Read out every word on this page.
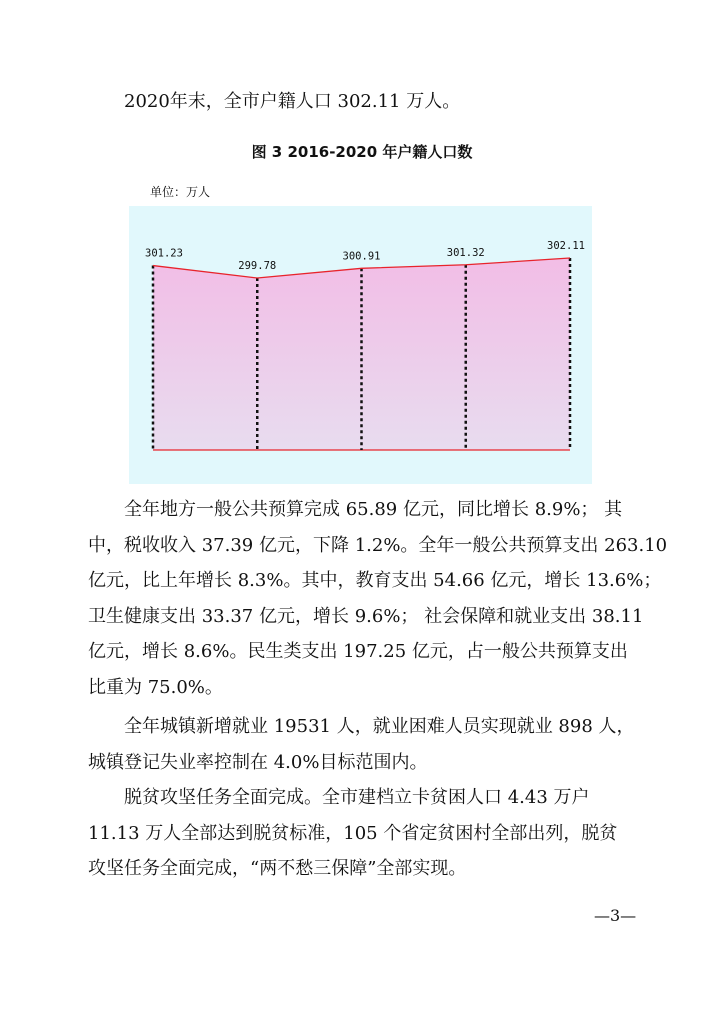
2020年末，全市户籍人口 302.11 万人。

图 3 2016-2020 年户籍人口数
单位：万人
301.23
299.78
300.91	301.32
302.11

全年地方一般公共预算完成 65.89 亿元，同比增长 8.9%； 其

中，税收收入 37.39 亿元，下降 1.2%。全年一般公共预算支出 263.10

亿元，比上年增长 8.3%。其中，教育支出 54.66 亿元，增长 13.6%；

卫生健康支出 33.37 亿元，增长 9.6%； 社会保障和就业支出 38.11

亿元，增长 8.6%。民生类支出 197.25 亿元，占一般公共预算支出

比重为 75.0%。

全年城镇新增就业 19531 人，就业困难人员实现就业 898 人，

城镇登记失业率控制在 4.0%目标范围内。

脱贫攻坚任务全面完成。全市建档立卡贫困人口 4.43 万户

11.13 万人全部达到脱贫标准，105 个省定贫困村全部出列，脱贫

攻坚任务全面完成，“两不愁三保障”全部实现。

—3—
